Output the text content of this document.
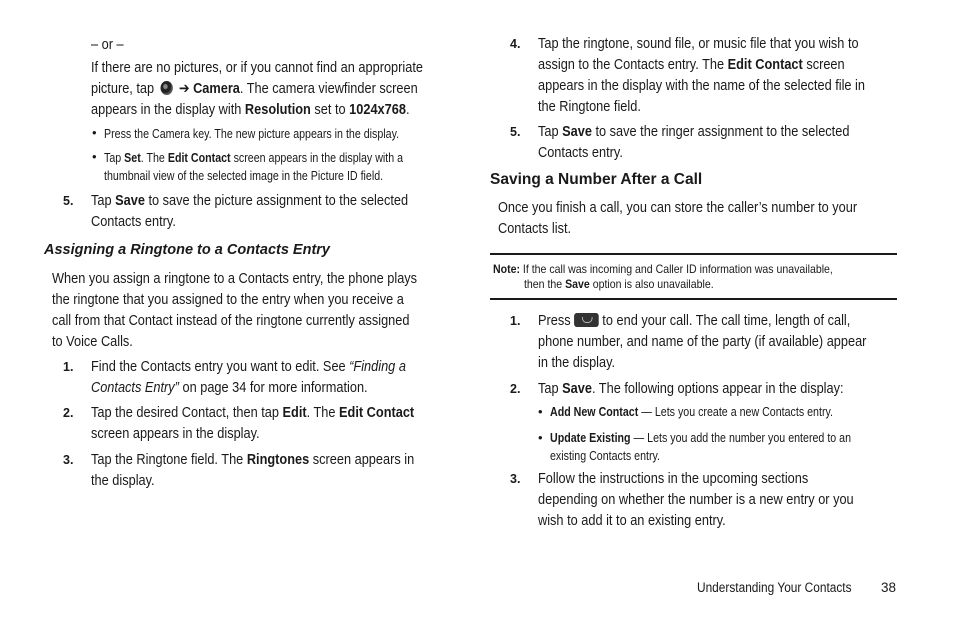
– or –
If there are no pictures, or if you cannot find an appropriate
picture, tap ➔ Camera. The camera viewfinder screen
appears in the display with Resolution set to 1024x768.
• Press the Camera key. The new picture appears in the display.
• Tap Set. The Edit Contact screen appears in the display with a
thumbnail view of the selected image in the Picture ID field.
5. Tap Save to save the picture assignment to the selected
Contacts entry.
Assigning a Ringtone to a Contacts Entry
When you assign a ringtone to a Contacts entry, the phone plays
the ringtone that you assigned to the entry when you receive a
call from that Contact instead of the ringtone currently assigned
to Voice Calls.
1. Find the Contacts entry you want to edit. See “Finding a
Contacts Entry” on page 34 for more information.
2. Tap the desired Contact, then tap Edit. The Edit Contact
screen appears in the display.
3. Tap the Ringtone field. The Ringtones screen appears in
the display.
4. Tap the ringtone, sound file, or music file that you wish to
assign to the Contacts entry. The Edit Contact screen
appears in the display with the name of the selected file in
the Ringtone field.
5. Tap Save to save the ringer assignment to the selected
Contacts entry.
Saving a Number After a Call
Once you finish a call, you can store the caller’s number to your
Contacts list.
Note: If the call was incoming and Caller ID information was unavailable,
then the Save option is also unavailable.
1. Press to end your call. The call time, length of call,
phone number, and name of the party (if available) appear
in the display.
2. Tap Save. The following options appear in the display:
• Add New Contact — Lets you create a new Contacts entry.
• Update Existing — Lets you add the number you entered to an
existing Contacts entry.
3. Follow the instructions in the upcoming sections
depending on whether the number is a new entry or you
wish to add it to an existing entry.
Understanding Your Contacts 38
